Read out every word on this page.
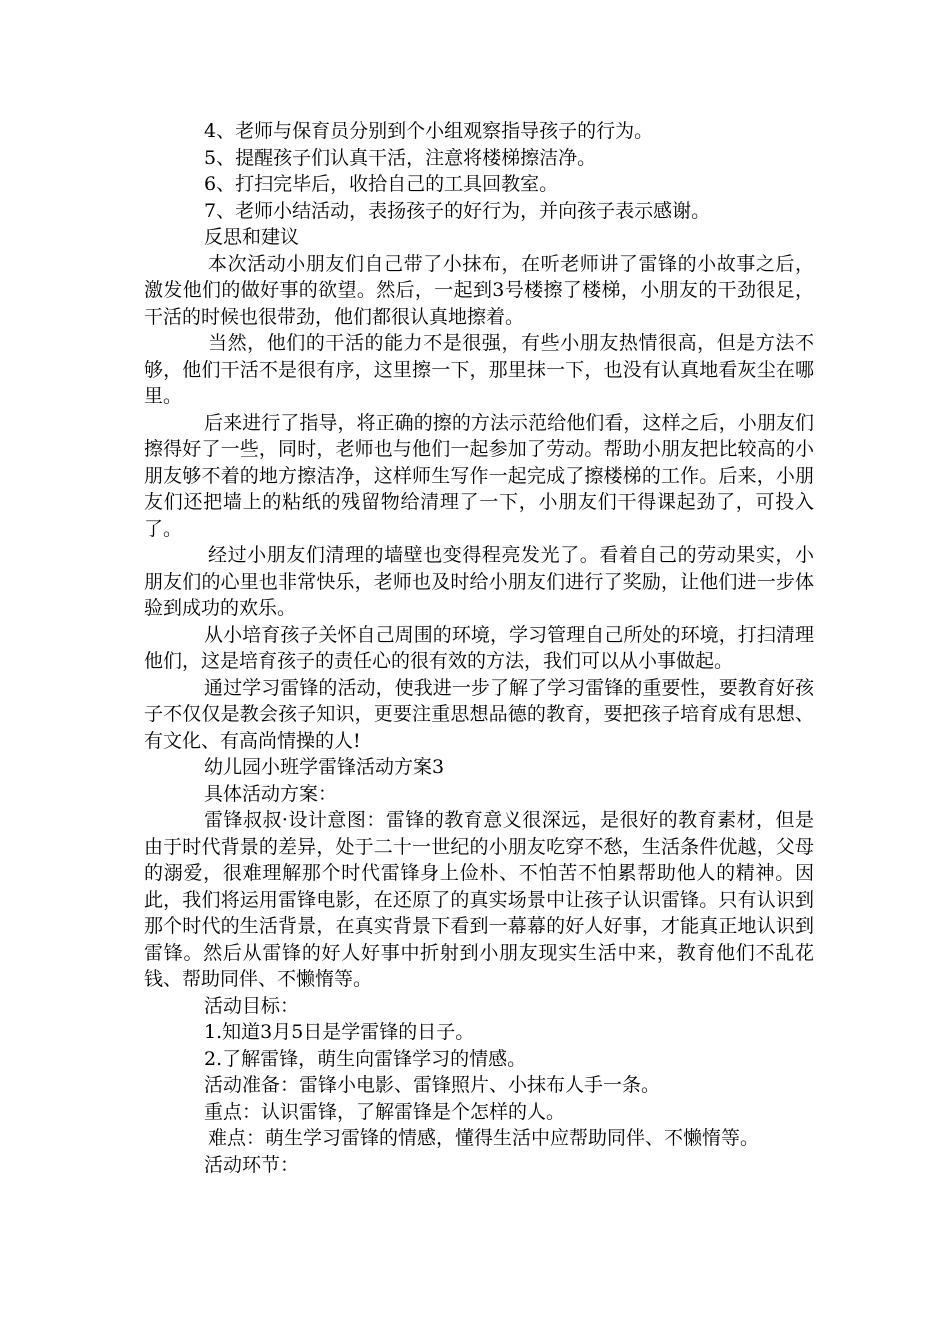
4、老师与保育员分别到个小组观察指导孩子的行为。

5、提醒孩子们认真干活，注意将楼梯擦洁净。

6、打扫完毕后，收拾自己的工具回教室。

7、老师小结活动，表扬孩子的好行为，并向孩子表示感谢。

反思和建议

本次活动小朋友们自己带了小抹布，在听老师讲了雷锋的小故事之后，激发他们的做好事的欲望。然后，一起到3号楼擦了楼梯，小朋友的干劲很足，干活的时候也很带劲，他们都很认真地擦着。

当然，他们的干活的能力不是很强，有些小朋友热情很高，但是方法不够，他们干活不是很有序，这里擦一下，那里抹一下，也没有认真地看灰尘在哪里。

后来进行了指导，将正确的擦的方法示范给他们看，这样之后，小朋友们擦得好了一些，同时，老师也与他们一起参加了劳动。帮助小朋友把比较高的小朋友够不着的地方擦洁净，这样师生写作一起完成了擦楼梯的工作。后来，小朋友们还把墙上的粘纸的残留物给清理了一下，小朋友们干得课起劲了，可投入了。

经过小朋友们清理的墙壁也变得程亮发光了。看着自己的劳动果实，小朋友们的心里也非常快乐，老师也及时给小朋友们进行了奖励，让他们进一步体验到成功的欢乐。

从小培育孩子关怀自己周围的环境，学习管理自己所处的环境，打扫清理他们，这是培育孩子的责任心的很有效的方法，我们可以从小事做起。

通过学习雷锋的活动，使我进一步了解了学习雷锋的重要性，要教育好孩子不仅仅是教会孩子知识，更要注重思想品德的教育，要把孩子培育成有思想、有文化、有高尚情操的人!

幼儿园小班学雷锋活动方案3

具体活动方案：

雷锋叔叔·设计意图：雷锋的教育意义很深远，是很好的教育素材，但是由于时代背景的差异，处于二十一世纪的小朋友吃穿不愁，生活条件优越，父母的溺爱，很难理解那个时代雷锋身上俭朴、不怕苦不怕累帮助他人的精神。因此，我们将运用雷锋电影，在还原了的真实场景中让孩子认识雷锋。只有认识到那个时代的生活背景，在真实背景下看到一幕幕的好人好事，才能真正地认识到雷锋。然后从雷锋的好人好事中折射到小朋友现实生活中来，教育他们不乱花钱、帮助同伴、不懒惰等。

活动目标：

1.知道3月5日是学雷锋的日子。

2.了解雷锋，萌生向雷锋学习的情感。

活动准备：雷锋小电影、雷锋照片、小抹布人手一条。

重点：认识雷锋，了解雷锋是个怎样的人。

难点：萌生学习雷锋的情感，懂得生活中应帮助同伴、不懒惰等。

活动环节：
